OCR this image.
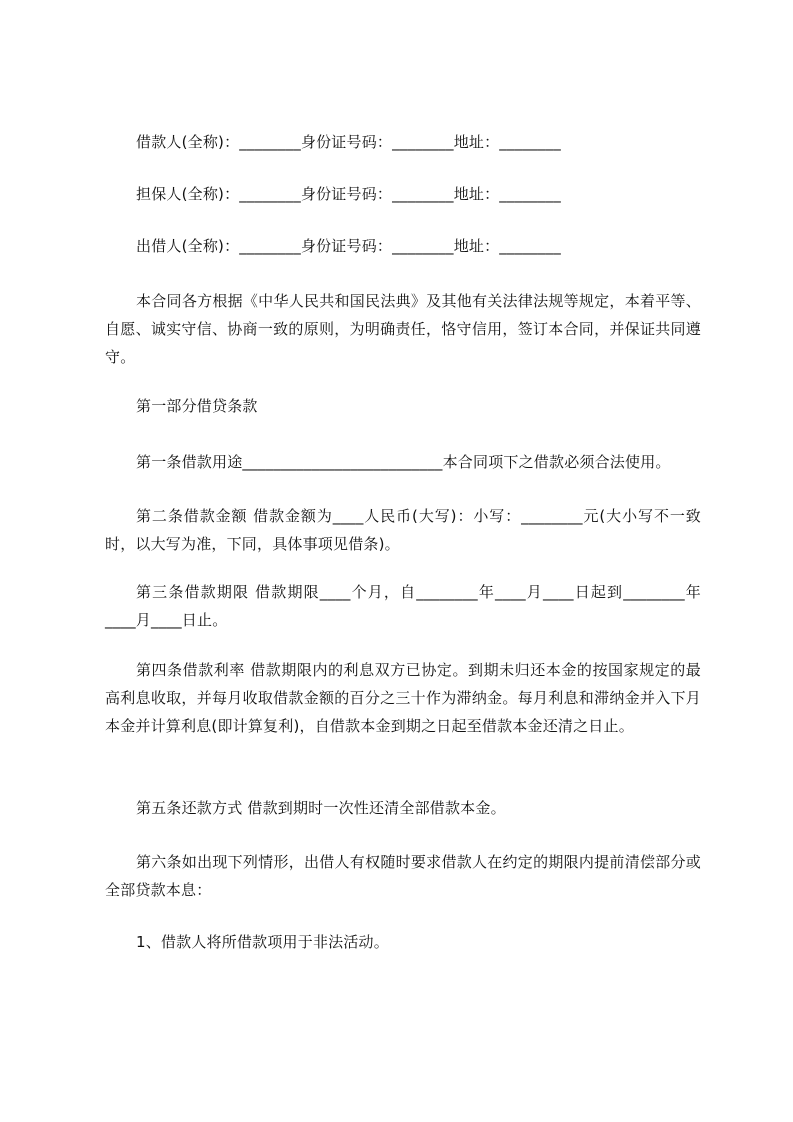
借款人(全称)：________身份证号码：________地址：________
担保人(全称)：________身份证号码：________地址：________
出借人(全称)：________身份证号码：________地址：________
本合同各方根据《中华人民共和国民法典》及其他有关法律法规等规定，本着平等、自愿、诚实守信、协商一致的原则，为明确责任，恪守信用，签订本合同，并保证共同遵守。
第一部分借贷条款
第一条借款用途__________________________本合同项下之借款必须合法使用。
第二条借款金额 借款金额为____人民币(大写)：小写：________元(大小写不一致时，以大写为准，下同，具体事项见借条)。
第三条借款期限 借款期限____个月，自________年____月____日起到________年____月____日止。
第四条借款利率 借款期限内的利息双方已协定。到期未归还本金的按国家规定的最高利息收取，并每月收取借款金额的百分之三十作为滞纳金。每月利息和滞纳金并入下月本金并计算利息(即计算复利)，自借款本金到期之日起至借款本金还清之日止。
第五条还款方式 借款到期时一次性还清全部借款本金。
第六条如出现下列情形，出借人有权随时要求借款人在约定的期限内提前清偿部分或全部贷款本息：
1、借款人将所借款项用于非法活动。
